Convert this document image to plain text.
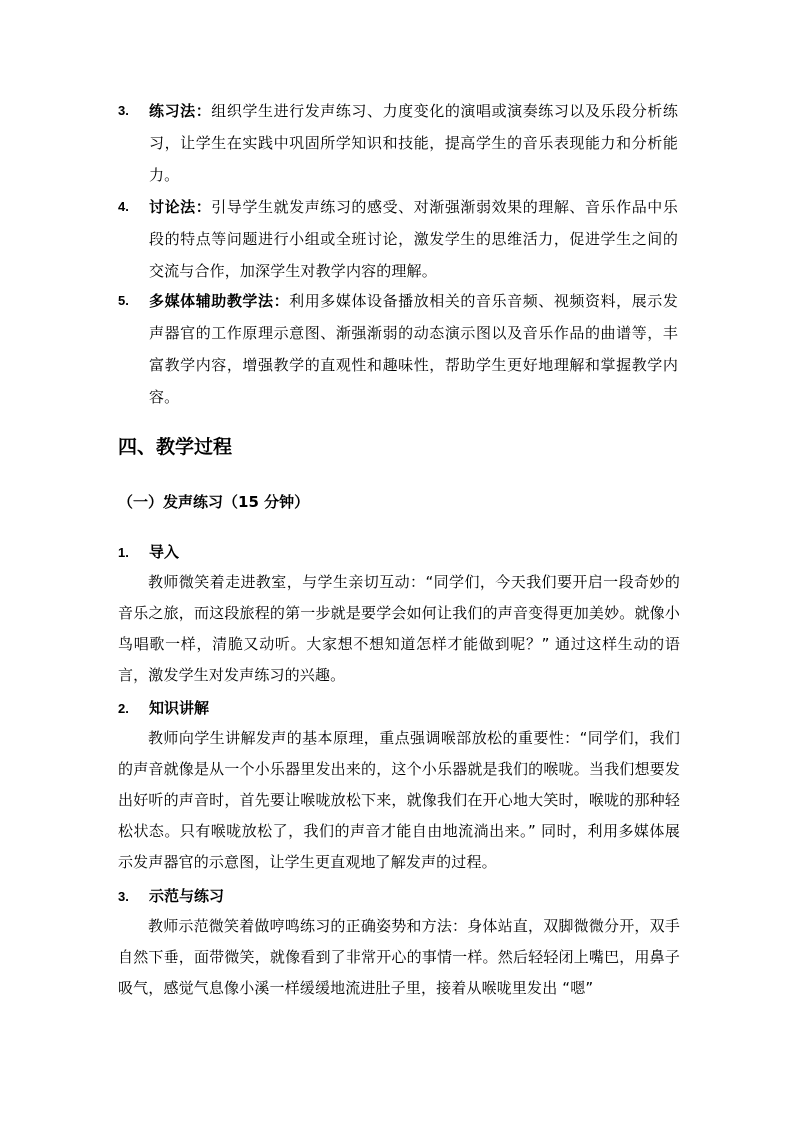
3. 练习法：组织学生进行发声练习、力度变化的演唱或演奏练习以及乐段分析练习，让学生在实践中巩固所学知识和技能，提高学生的音乐表现能力和分析能力。
4. 讨论法：引导学生就发声练习的感受、对渐强渐弱效果的理解、音乐作品中乐段的特点等问题进行小组或全班讨论，激发学生的思维活力，促进学生之间的交流与合作，加深学生对教学内容的理解。
5. 多媒体辅助教学法：利用多媒体设备播放相关的音乐音频、视频资料，展示发声器官的工作原理示意图、渐强渐弱的动态演示图以及音乐作品的曲谱等，丰富教学内容，增强教学的直观性和趣味性，帮助学生更好地理解和掌握教学内容。
四、教学过程
（一）发声练习（15 分钟）
1. 导入
教师微笑着走进教室，与学生亲切互动：“同学们，今天我们要开启一段奇妙的音乐之旅，而这段旅程的第一步就是要学会如何让我们的声音变得更加美妙。就像小鸟唱歌一样，清脆又动听。大家想不想知道怎样才能做到呢？” 通过这样生动的语言，激发学生对发声练习的兴趣。
2. 知识讲解
教师向学生讲解发声的基本原理，重点强调喉部放松的重要性：“同学们，我们的声音就像是从一个小乐器里发出来的，这个小乐器就是我们的喉咙。当我们想要发出好听的声音时，首先要让喉咙放松下来，就像我们在开心地大笑时，喉咙的那种轻松状态。只有喉咙放松了，我们的声音才能自由地流淌出来。” 同时，利用多媒体展示发声器官的示意图，让学生更直观地了解发声的过程。
3. 示范与练习
教师示范微笑着做哼鸣练习的正确姿势和方法：身体站直，双脚微微分开，双手自然下垂，面带微笑，就像看到了非常开心的事情一样。然后轻轻闭上嘴巴，用鼻子吸气，感觉气息像小溪一样缓缓地流进肚子里，接着从喉咙里发出 “嗯”
